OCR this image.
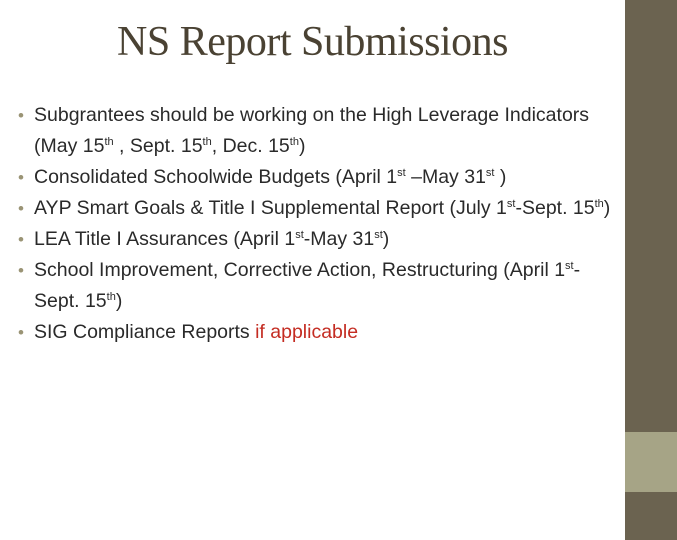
NS Report Submissions
• Subgrantees should be working on the High Leverage Indicators (May 15th , Sept. 15th, Dec. 15th)
• Consolidated Schoolwide Budgets (April 1st –May 31st )
• AYP Smart Goals & Title I Supplemental Report (July 1st-Sept. 15th)
• LEA Title I Assurances (April 1st-May 31st)
• School Improvement, Corrective Action, Restructuring (April 1st-Sept. 15th)
• SIG Compliance Reports if applicable
